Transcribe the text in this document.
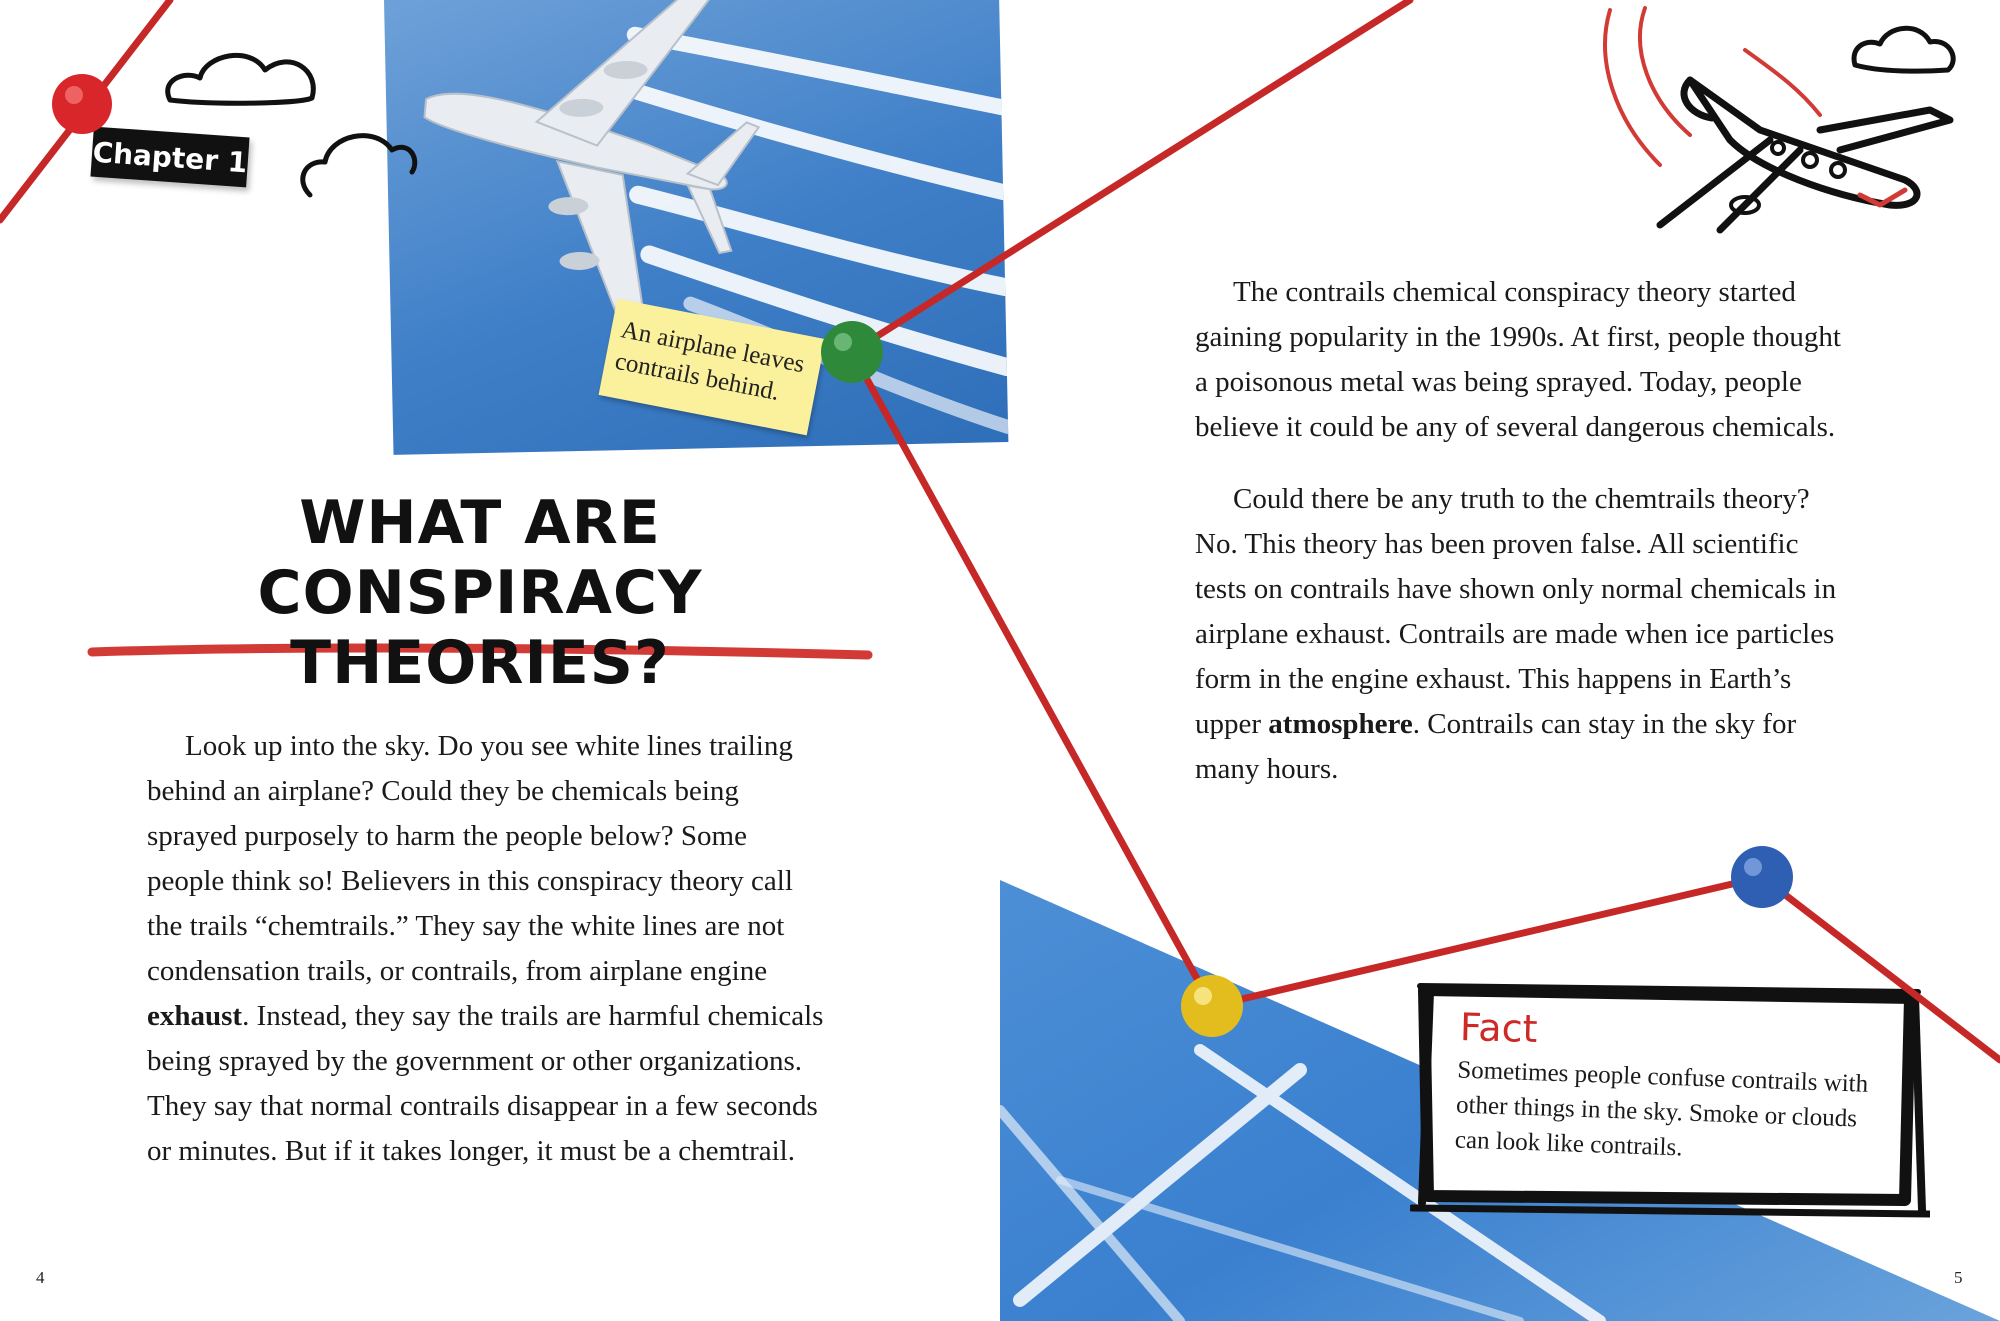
Chapter 1
An airplane leaves contrails behind.
WHAT ARE
CONSPIRACY THEORIES?

Look up into the sky. Do you see white lines trailing behind an airplane? Could they be chemicals being sprayed purposely to harm the people below? Some people think so! Believers in this conspiracy theory call the trails “chemtrails.” They say the white lines are not condensation trails, or contrails, from airplane engine exhaust. Instead, they say the trails are harmful chemicals being sprayed by the government or other organizations. They say that normal contrails disappear in a few seconds or minutes. But if it takes longer, it must be a chemtrail.

The contrails chemical conspiracy theory started gaining popularity in the 1990s. At first, people thought a poisonous metal was being sprayed. Today, people believe it could be any of several dangerous chemicals.

Could there be any truth to the chemtrails theory? No. This theory has been proven false. All scientific tests on contrails have shown only normal chemicals in airplane exhaust. Contrails are made when ice particles form in the engine exhaust. This happens in Earth’s upper atmosphere. Contrails can stay in the sky for many hours.

Fact
Sometimes people confuse contrails with other things in the sky. Smoke or clouds can look like contrails.
4	5
